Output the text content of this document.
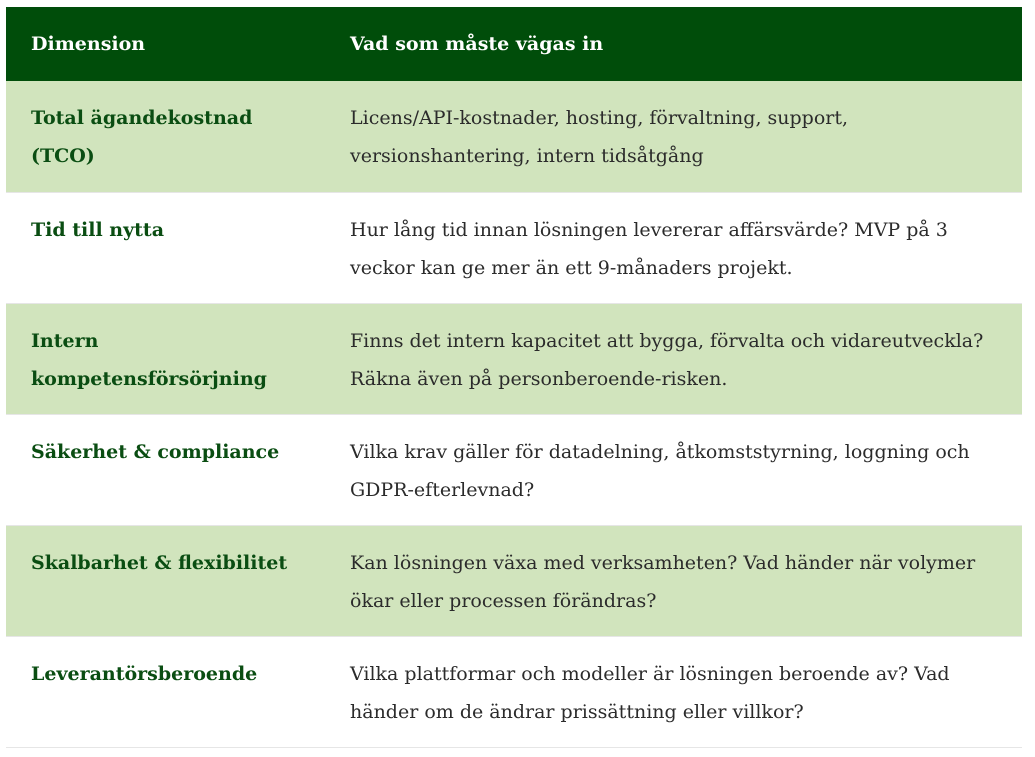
Dimension	Vad som måste vägas in
Total ägandekostnad (TCO)	Licens/API-kostnader, hosting, förvaltning, support, versionshantering, intern tidsåtgång
Tid till nytta	Hur lång tid innan lösningen levererar affärsvärde? MVP på 3 veckor kan ge mer än ett 9-månaders projekt.
Intern kompetensförsörjning	Finns det intern kapacitet att bygga, förvalta och vidareutveckla? Räkna även på personberoende-risken.
Säkerhet & compliance	Vilka krav gäller för datadelning, åtkomststyrning, loggning och GDPR-efterlevnad?
Skalbarhet & flexibilitet	Kan lösningen växa med verksamheten? Vad händer när volymer ökar eller processen förändras?
Leverantörsberoende	Vilka plattformar och modeller är lösningen beroende av? Vad händer om de ändrar prissättning eller villkor?
